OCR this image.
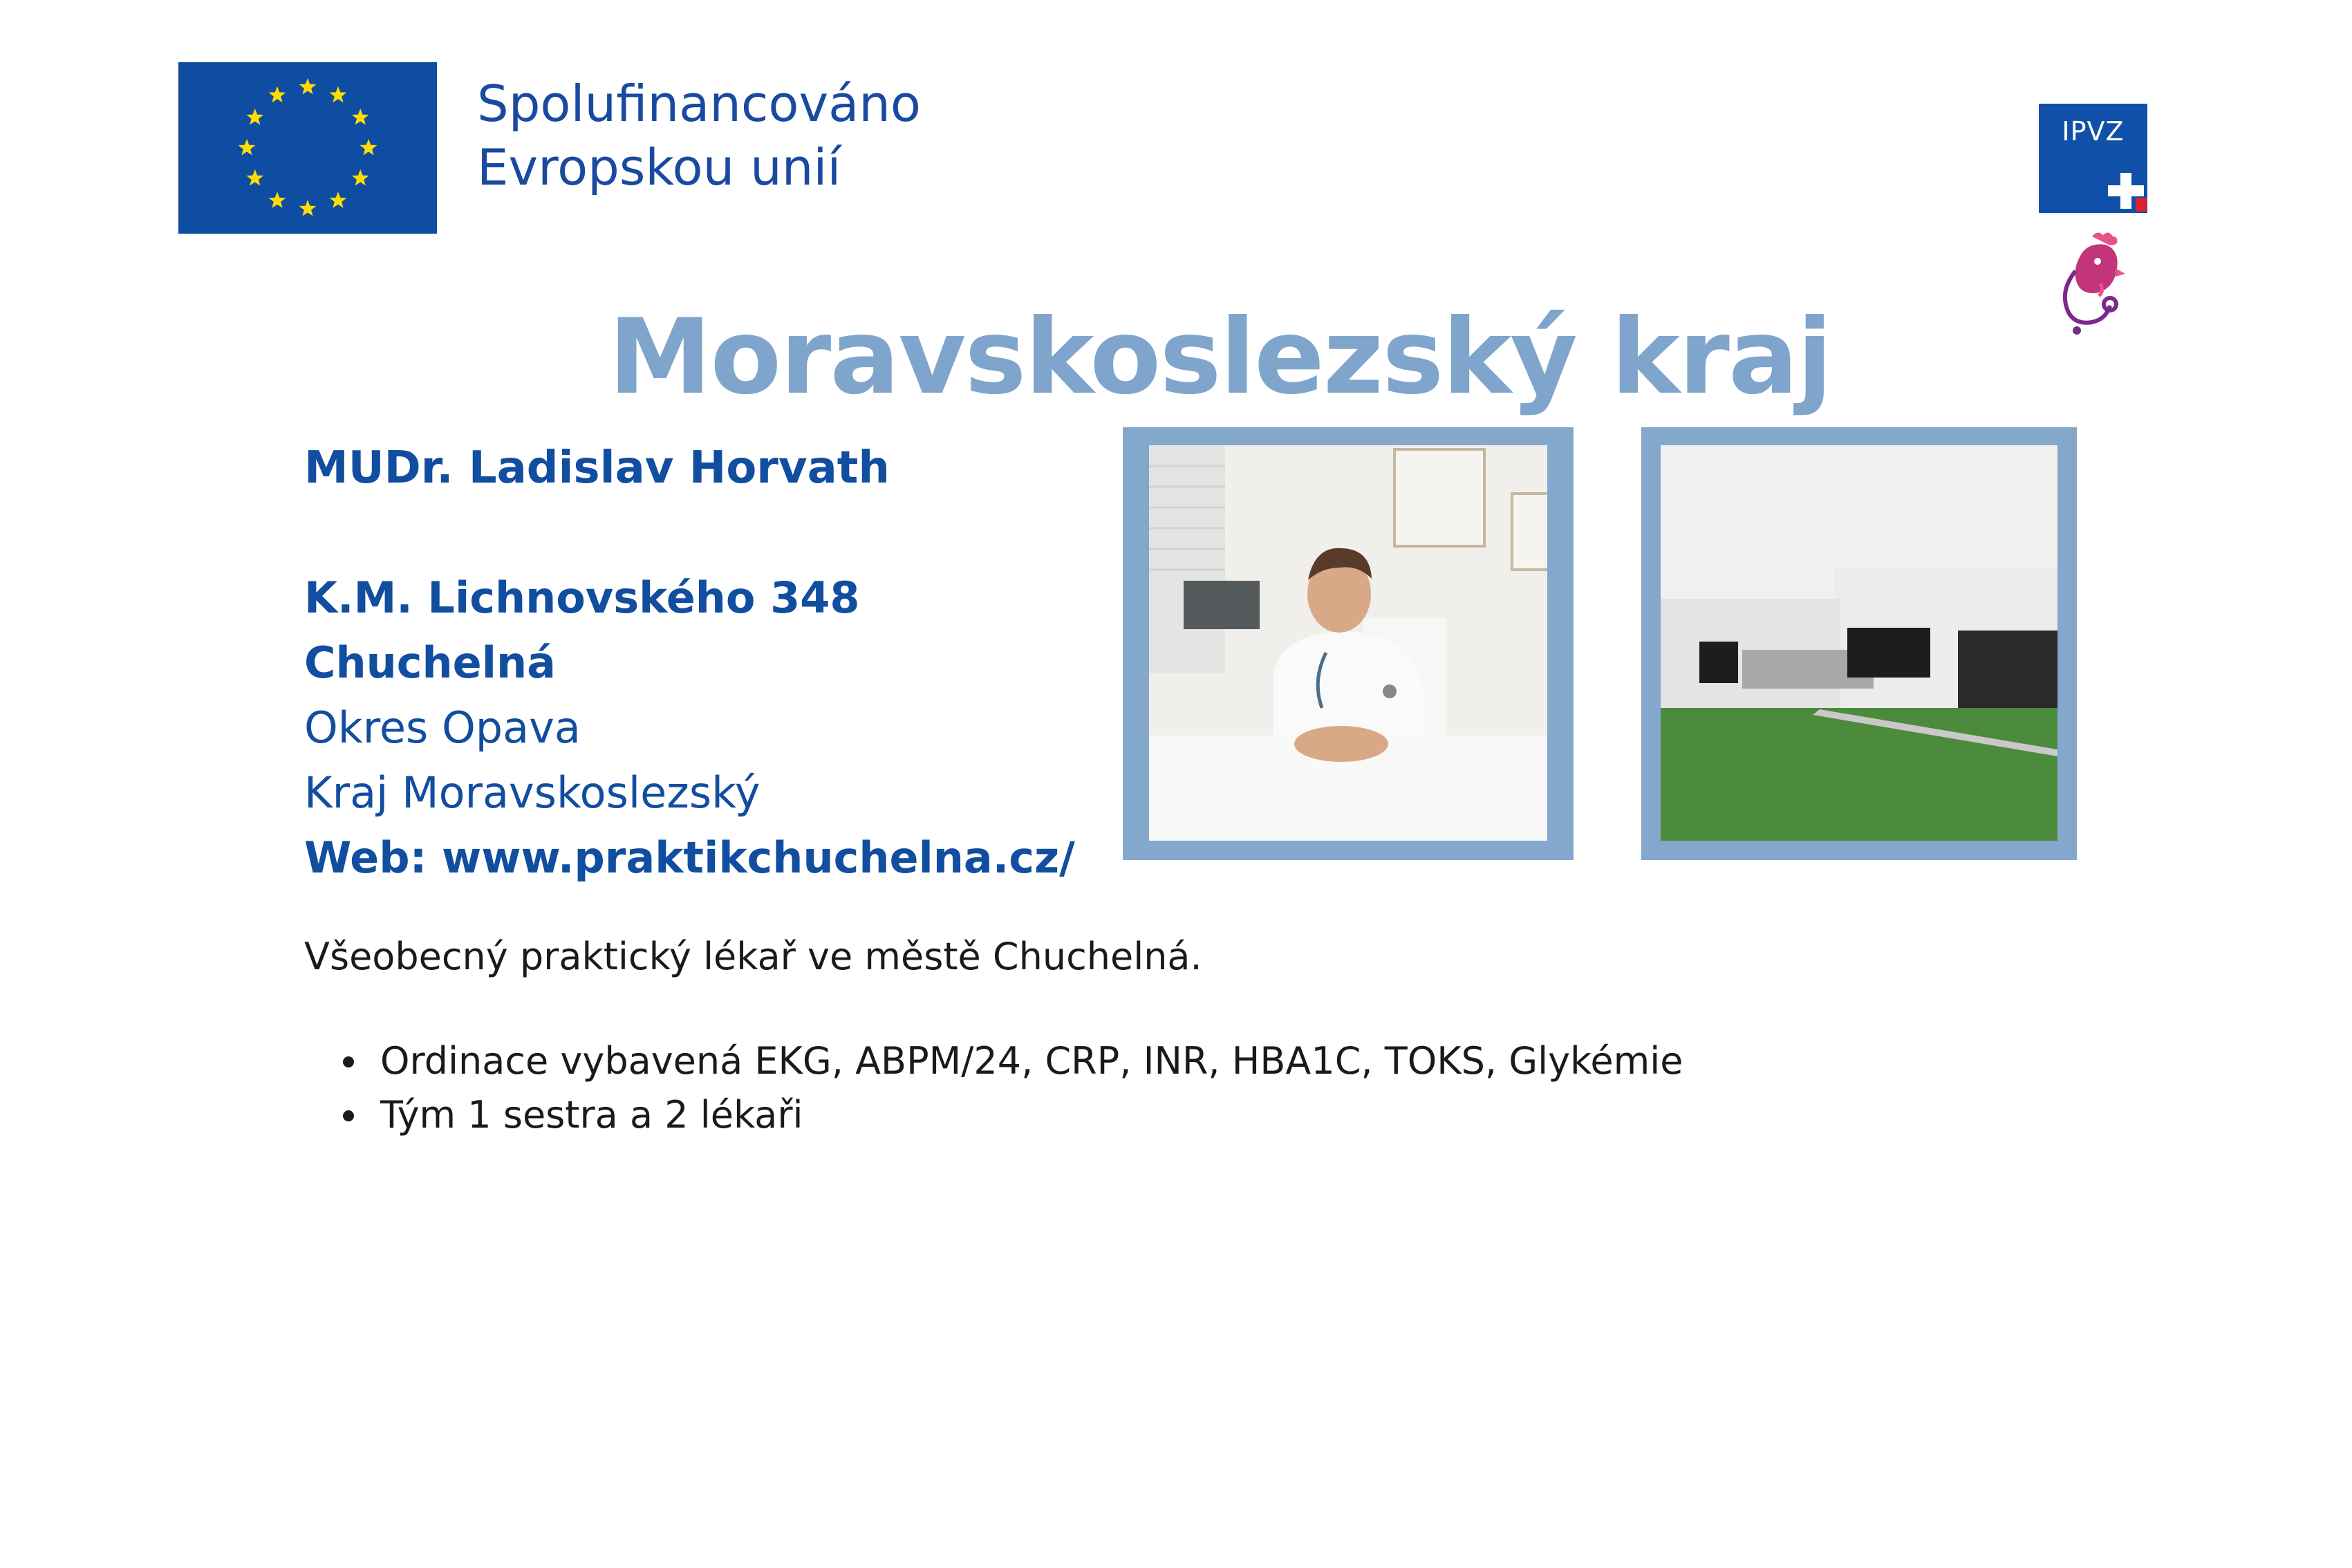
Spolufinancováno
Evropskou unií
IPVZ
Moravskoslezský kraj
MUDr. Ladislav Horvath
K.M. Lichnovského 348
Chuchelná
Okres Opava
Kraj Moravskoslezský
Web: www.praktikchuchelna.cz/
Všeobecný praktický lékař ve městě Chuchelná.
Ordinace vybavená EKG, ABPM/24, CRP, INR, HBA1C, TOKS, Glykémie
Tým 1 sestra a 2 lékaři
